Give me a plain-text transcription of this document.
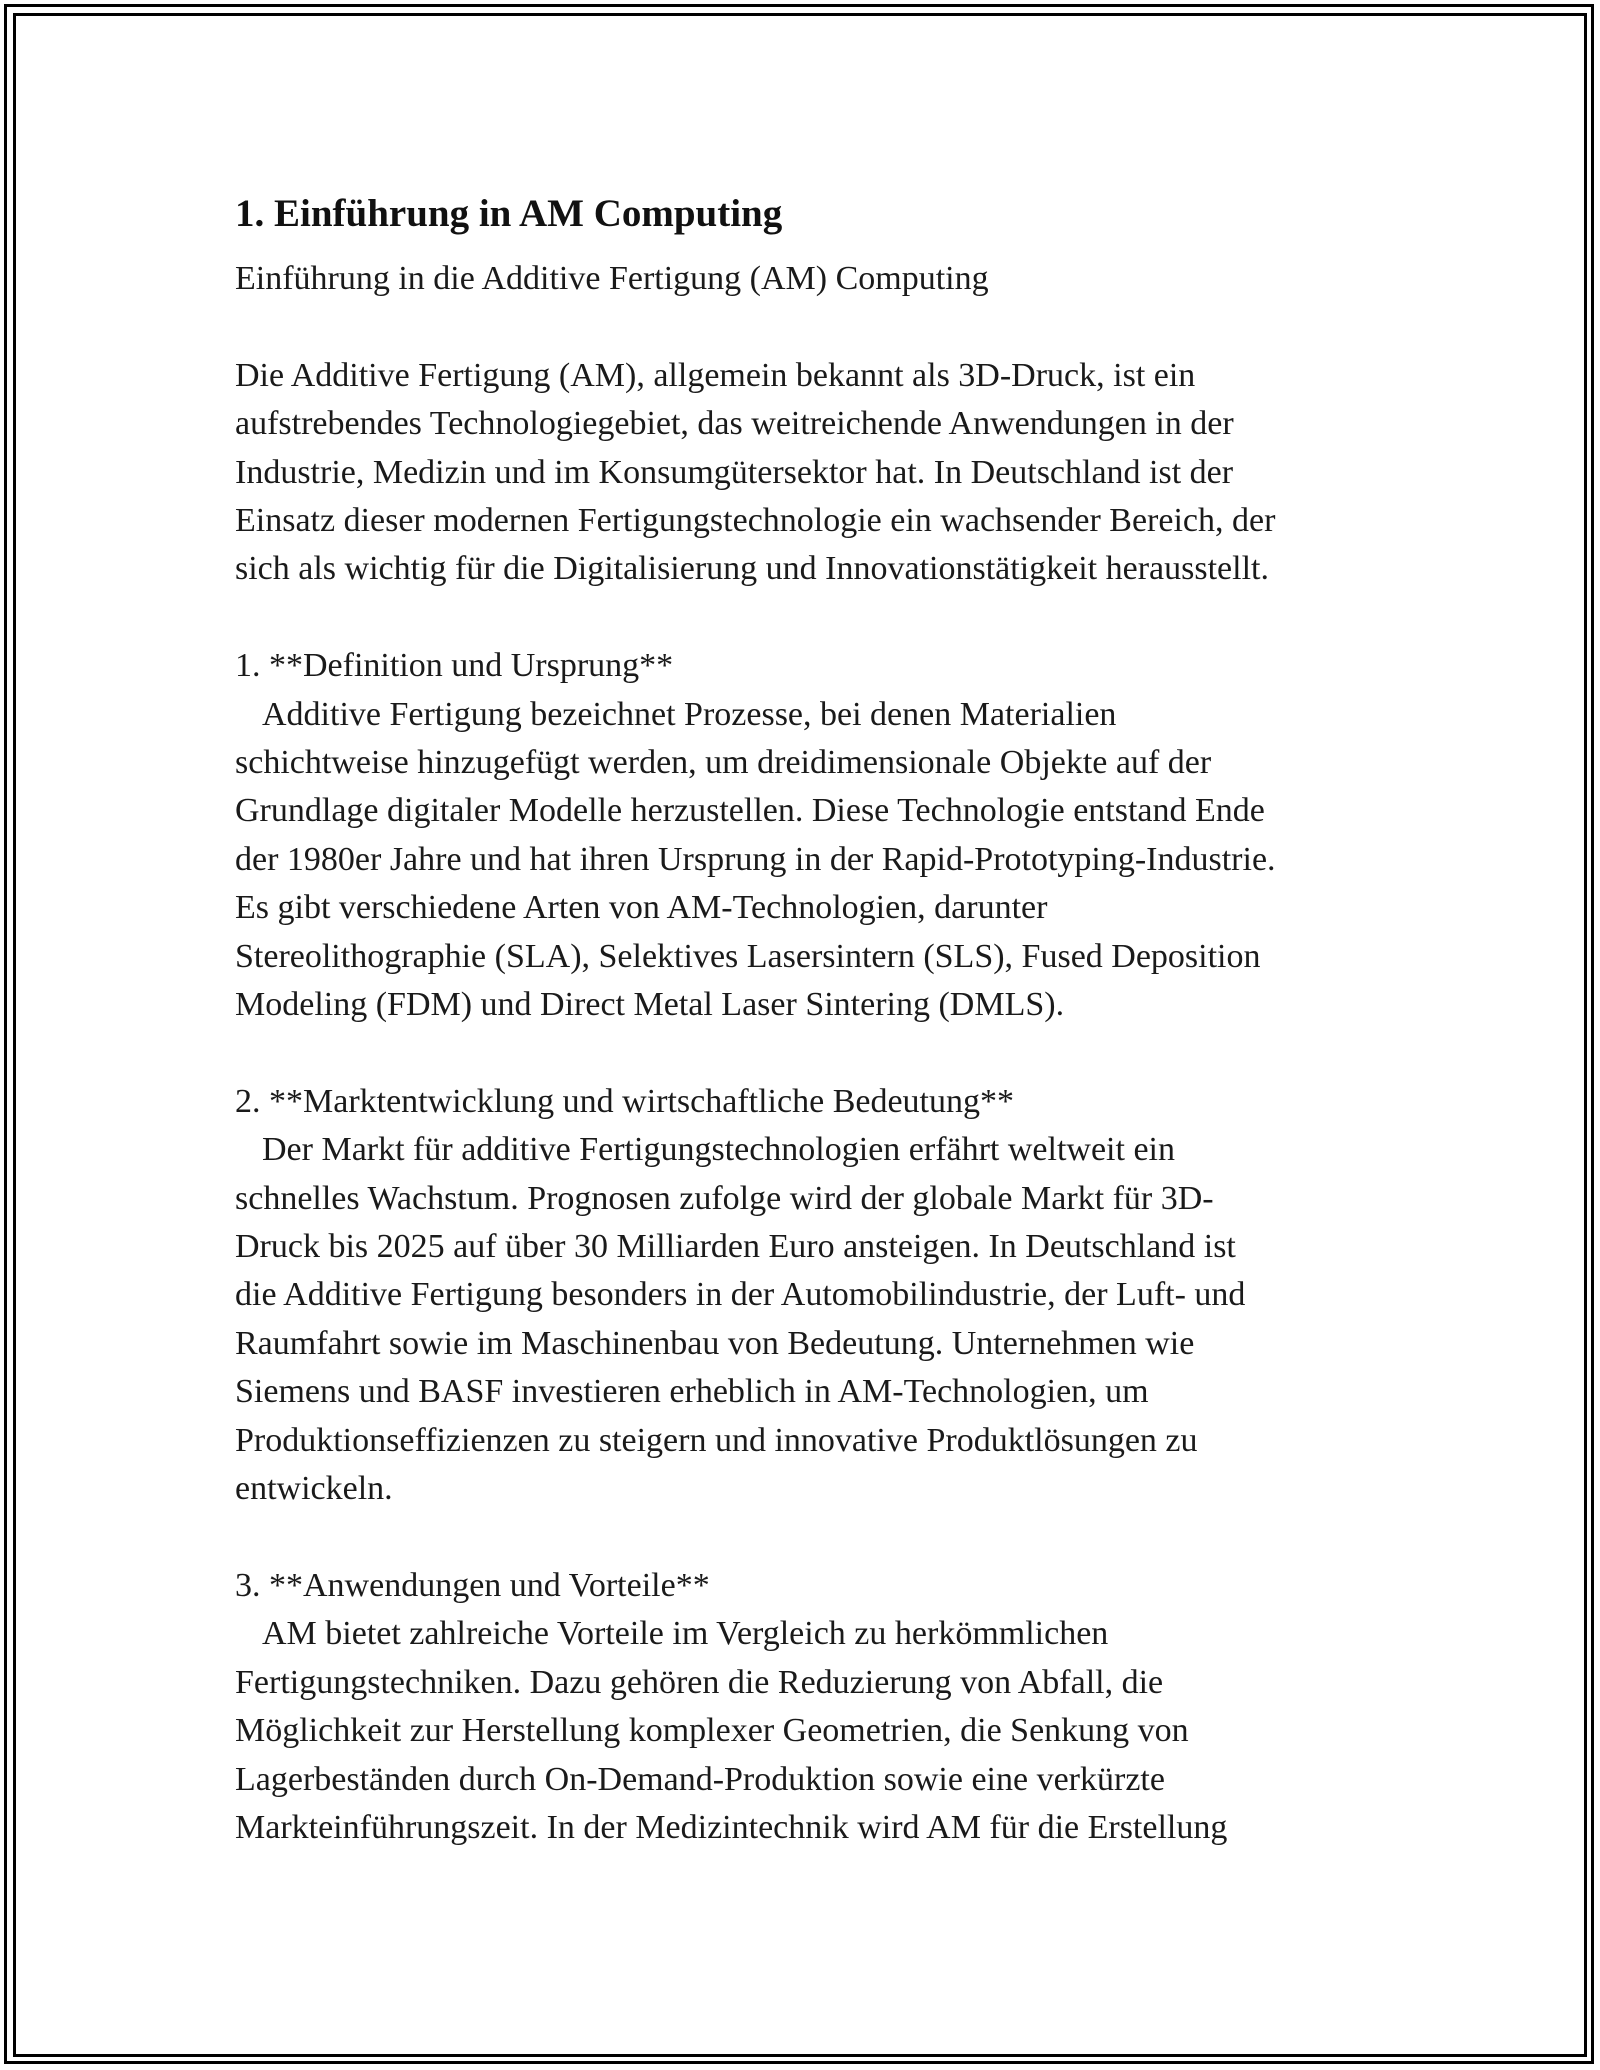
1. Einführung in AM Computing

Einführung in die Additive Fertigung (AM) Computing

Die Additive Fertigung (AM), allgemein bekannt als 3D-Druck, ist ein
aufstrebendes Technologiegebiet, das weitreichende Anwendungen in der
Industrie, Medizin und im Konsumgütersektor hat. In Deutschland ist der
Einsatz dieser modernen Fertigungstechnologie ein wachsender Bereich, der
sich als wichtig für die Digitalisierung und Innovationstätigkeit herausstellt.

1. **Definition und Ursprung**
Additive Fertigung bezeichnet Prozesse, bei denen Materialien
schichtweise hinzugefügt werden, um dreidimensionale Objekte auf der
Grundlage digitaler Modelle herzustellen. Diese Technologie entstand Ende
der 1980er Jahre und hat ihren Ursprung in der Rapid-Prototyping-Industrie.
Es gibt verschiedene Arten von AM-Technologien, darunter
Stereolithographie (SLA), Selektives Lasersintern (SLS), Fused Deposition
Modeling (FDM) und Direct Metal Laser Sintering (DMLS).

2. **Marktentwicklung und wirtschaftliche Bedeutung**
Der Markt für additive Fertigungstechnologien erfährt weltweit ein
schnelles Wachstum. Prognosen zufolge wird der globale Markt für 3D-
Druck bis 2025 auf über 30 Milliarden Euro ansteigen. In Deutschland ist
die Additive Fertigung besonders in der Automobilindustrie, der Luft- und
Raumfahrt sowie im Maschinenbau von Bedeutung. Unternehmen wie
Siemens und BASF investieren erheblich in AM-Technologien, um
Produktionseffizienzen zu steigern und innovative Produktlösungen zu
entwickeln.

3. **Anwendungen und Vorteile**
AM bietet zahlreiche Vorteile im Vergleich zu herkömmlichen
Fertigungstechniken. Dazu gehören die Reduzierung von Abfall, die
Möglichkeit zur Herstellung komplexer Geometrien, die Senkung von
Lagerbeständen durch On-Demand-Produktion sowie eine verkürzte
Markteinführungszeit. In der Medizintechnik wird AM für die Erstellung
